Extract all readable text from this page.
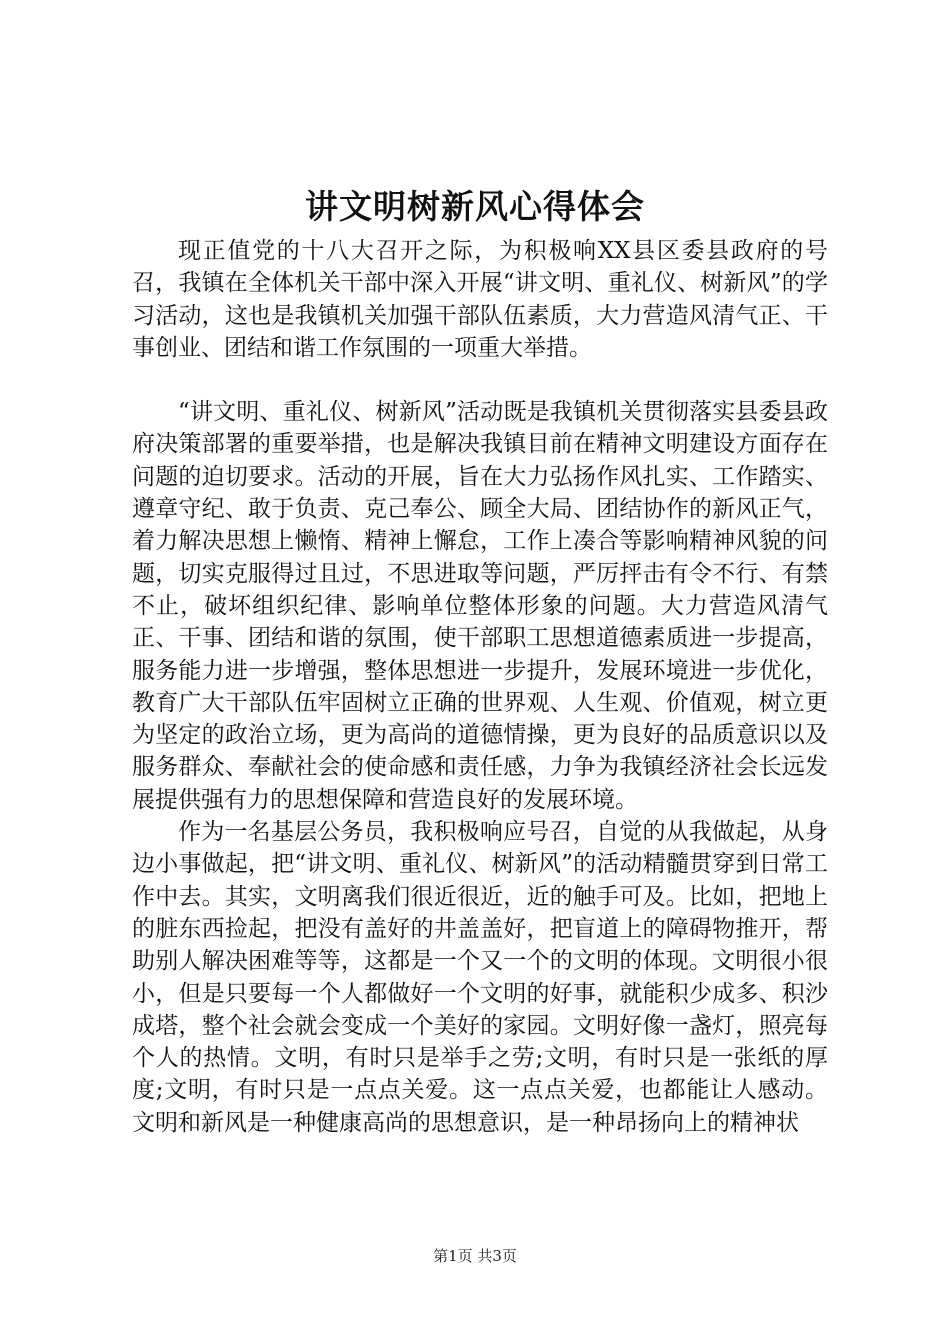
讲文明树新风心得体会

现正值党的十八大召开之际，为积极响XX县区委县政府的号召，我镇在全体机关干部中深入开展“讲文明、重礼仪、树新风”的学习活动，这也是我镇机关加强干部队伍素质，大力营造风清气正、干事创业、团结和谐工作氛围的一项重大举措。

“讲文明、重礼仪、树新风”活动既是我镇机关贯彻落实县委县政府决策部署的重要举措，也是解决我镇目前在精神文明建设方面存在问题的迫切要求。活动的开展，旨在大力弘扬作风扎实、工作踏实、遵章守纪、敢于负责、克己奉公、顾全大局、团结协作的新风正气，着力解决思想上懒惰、精神上懈怠，工作上凑合等影响精神风貌的问题，切实克服得过且过，不思进取等问题，严厉抨击有令不行、有禁不止，破坏组织纪律、影响单位整体形象的问题。大力营造风清气正、干事、团结和谐的氛围，使干部职工思想道德素质进一步提高，服务能力进一步增强，整体思想进一步提升，发展环境进一步优化，教育广大干部队伍牢固树立正确的世界观、人生观、价值观，树立更为坚定的政治立场，更为高尚的道德情操，更为良好的品质意识以及服务群众、奉献社会的使命感和责任感，力争为我镇经济社会长远发展提供强有力的思想保障和营造良好的发展环境。

作为一名基层公务员，我积极响应号召，自觉的从我做起，从身边小事做起，把“讲文明、重礼仪、树新风”的活动精髓贯穿到日常工作中去。其实，文明离我们很近很近，近的触手可及。比如，把地上的脏东西捡起，把没有盖好的井盖盖好，把盲道上的障碍物推开，帮助别人解决困难等等，这都是一个又一个的文明的体现。文明很小很小，但是只要每一个人都做好一个文明的好事，就能积少成多、积沙成塔，整个社会就会变成一个美好的家园。文明好像一盏灯，照亮每个人的热情。文明，有时只是举手之劳;文明，有时只是一张纸的厚度;文明，有时只是一点点关爱。这一点点关爱，也都能让人感动。文明和新风是一种健康高尚的思想意识，是一种昂扬向上的精神状

第1页 共3页
